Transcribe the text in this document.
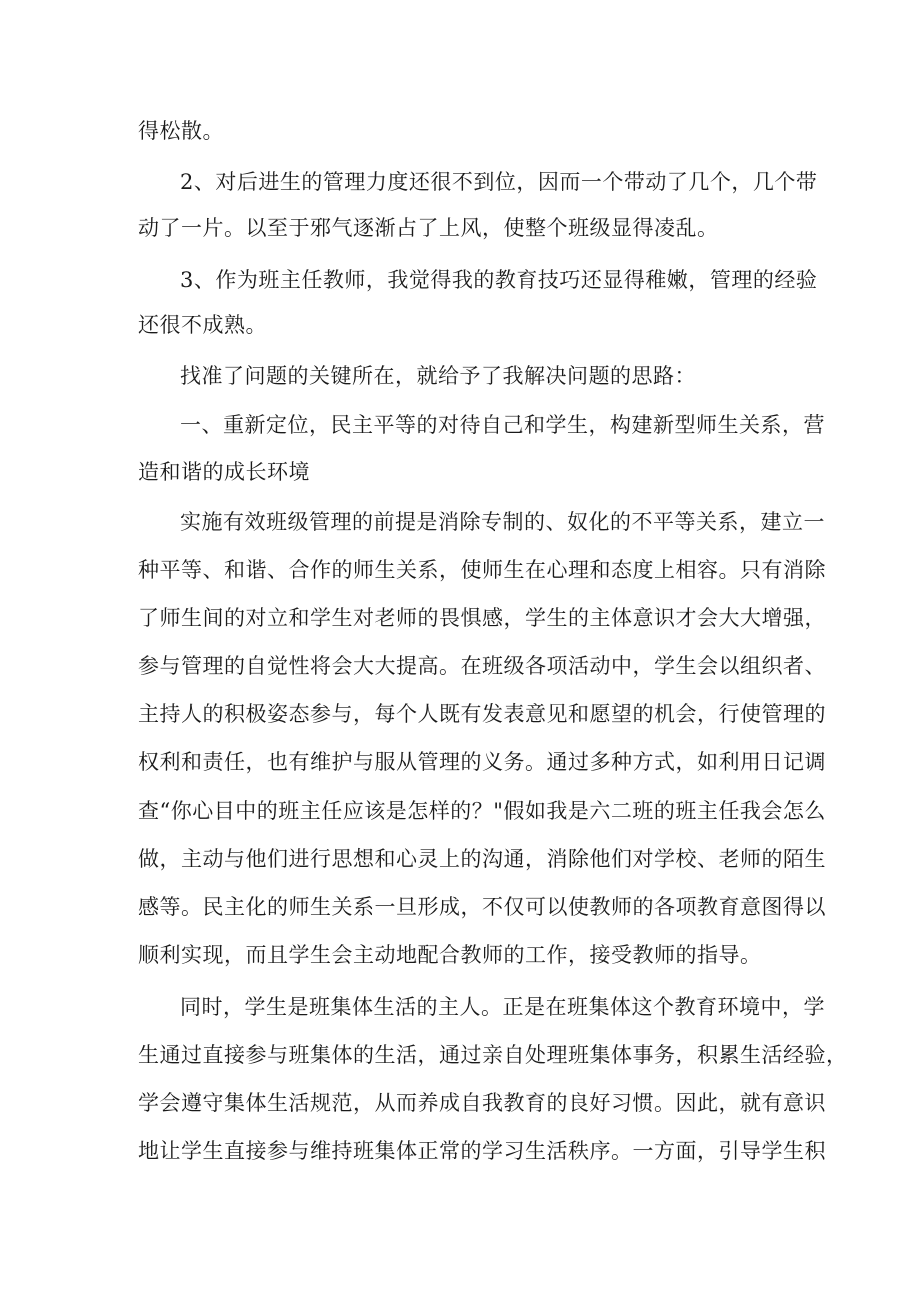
得松散。

2、对后进生的管理力度还很不到位，因而一个带动了几个，几个带

动了一片。以至于邪气逐渐占了上风，使整个班级显得凌乱。

3、作为班主任教师，我觉得我的教育技巧还显得稚嫩，管理的经验

还很不成熟。

找准了问题的关键所在，就给予了我解决问题的思路：

一、重新定位，民主平等的对待自己和学生，构建新型师生关系，营

造和谐的成长环境

实施有效班级管理的前提是消除专制的、奴化的不平等关系，建立一

种平等、和谐、合作的师生关系，使师生在心理和态度上相容。只有消除

了师生间的对立和学生对老师的畏惧感，学生的主体意识才会大大增强，

参与管理的自觉性将会大大提高。在班级各项活动中，学生会以组织者、

主持人的积极姿态参与，每个人既有发表意见和愿望的机会，行使管理的

权利和责任，也有维护与服从管理的义务。通过多种方式，如利用日记调

查“你心目中的班主任应该是怎样的？"假如我是六二班的班主任我会怎么

做，主动与他们进行思想和心灵上的沟通，消除他们对学校、老师的陌生

感等。民主化的师生关系一旦形成，不仅可以使教师的各项教育意图得以

顺利实现，而且学生会主动地配合教师的工作，接受教师的指导。

同时，学生是班集体生活的主人。正是在班集体这个教育环境中，学

生通过直接参与班集体的生活，通过亲自处理班集体事务，积累生活经验，

学会遵守集体生活规范，从而养成自我教育的良好习惯。因此，就有意识

地让学生直接参与维持班集体正常的学习生活秩序。一方面，引导学生积
